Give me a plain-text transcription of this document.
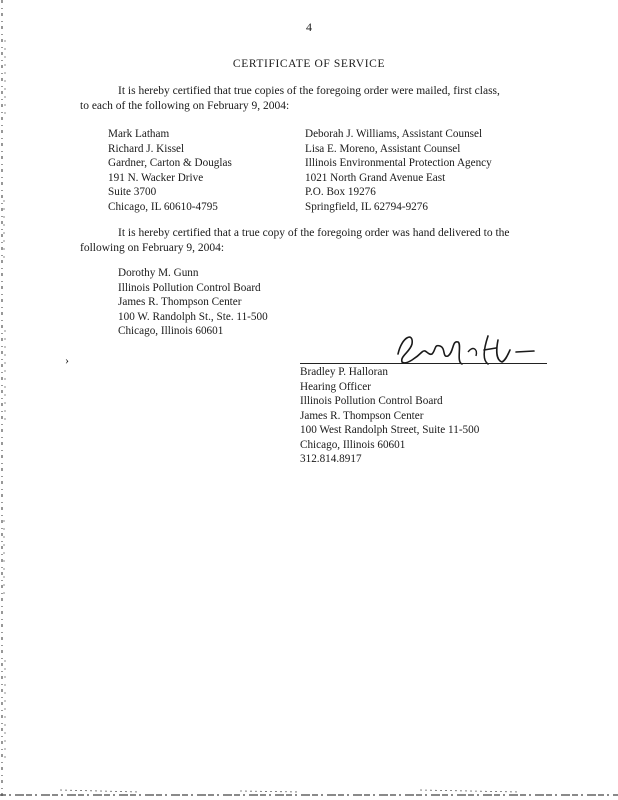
4
CERTIFICATE OF SERVICE
It is hereby certified that true copies of the foregoing order were mailed, first class, to each of the following on February 9, 2004:
Mark Latham
Richard J. Kissel
Gardner, Carton & Douglas
191 N. Wacker Drive
Suite 3700
Chicago, IL 60610-4795
Deborah J. Williams, Assistant Counsel
Lisa E. Moreno, Assistant Counsel
Illinois Environmental Protection Agency
1021 North Grand Avenue East
P.O. Box 19276
Springfield, IL 62794-9276
It is hereby certified that a true copy of the foregoing order was hand delivered to the following on February 9, 2004:
Dorothy M. Gunn
Illinois Pollution Control Board
James R. Thompson Center
100 W. Randolph St., Ste. 11-500
Chicago, Illinois 60601
›
Bradley P. Halloran
Hearing Officer
Illinois Pollution Control Board
James R. Thompson Center
100 West Randolph Street, Suite 11-500
Chicago, Illinois 60601
312.814.8917
